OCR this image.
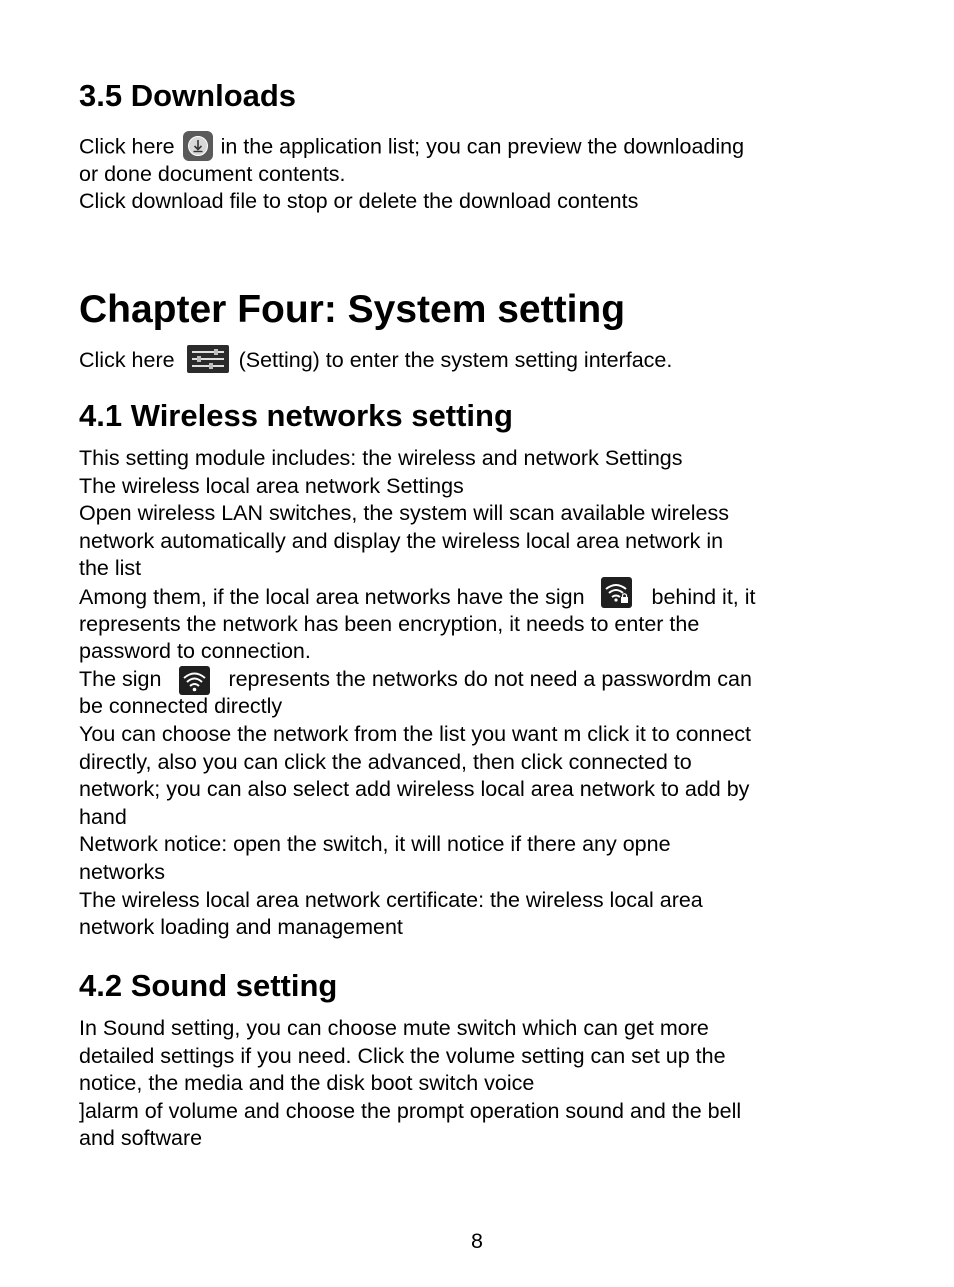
3.5 Downloads
Click here in the application list; you can preview the downloading
or done document contents.
Click download file to stop or delete the download contents
Chapter Four: System setting
Click here	(Setting) to enter the system setting interface.
4.1 Wireless networks setting
This setting module includes: the wireless and network Settings
The wireless local area network Settings
Open wireless LAN switches, the system will scan available wireless
network automatically and display the wireless local area network in
the list
Among them, if the local area networks have the sign	behind it, it
represents the network has been encryption, it needs to enter the
password to connection.
The sign	represents the networks do not need a passwordm can
be connected directly
You can choose the network from the list you want m click it to connect
directly, also you can click the advanced, then click connected to
network; you can also select add wireless local area network to add by
hand
Network notice: open the switch, it will notice if there any opne
networks
The wireless local area network certificate: the wireless local area
network loading and management
4.2 Sound setting
In Sound setting, you can choose mute switch which can get more
detailed settings if you need. Click the volume setting can set up the
notice, the media and the disk boot switch voice
]alarm of volume and choose the prompt operation sound and the bell
and software
8
